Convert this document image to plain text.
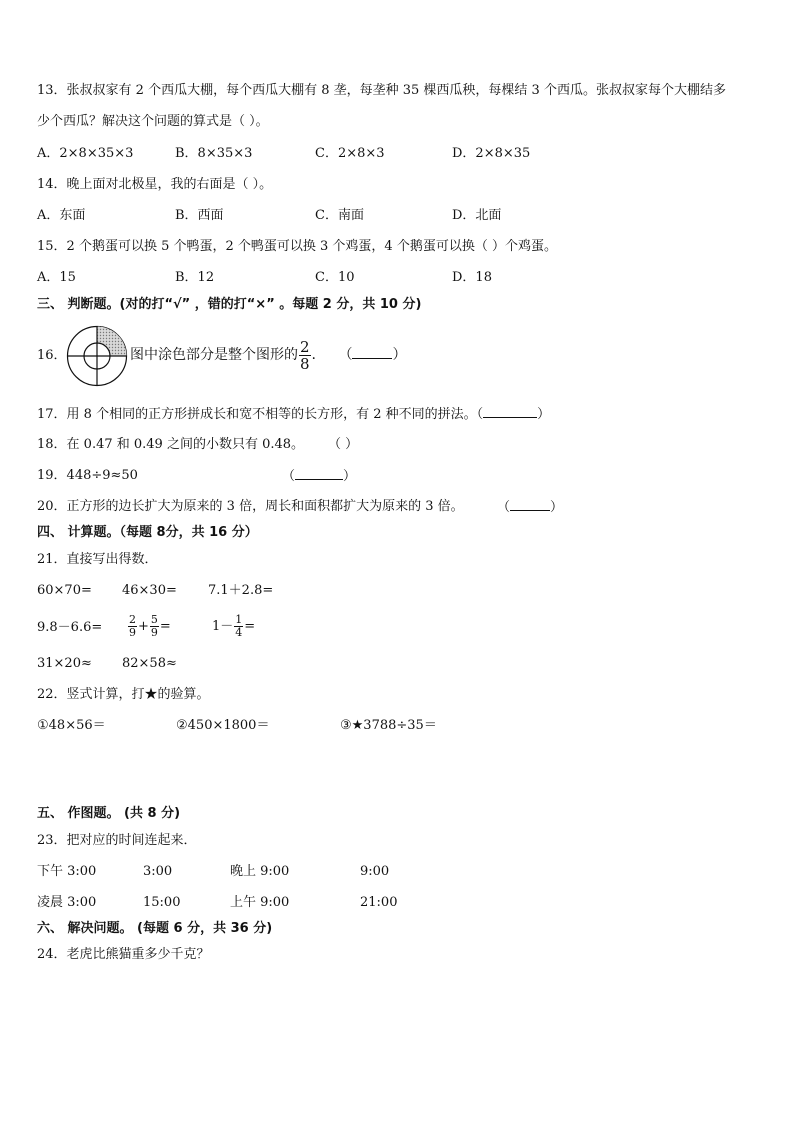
13．张叔叔家有 2 个西瓜大棚，每个西瓜大棚有 8 垄，每垄种 35 棵西瓜秧，每棵结 3 个西瓜。张叔叔家每个大棚结多
少个西瓜？解决这个问题的算式是（ ）。
A．2×8×35×3	B．8×35×3	C．2×8×3	D．2×8×35
14．晚上面对北极星，我的右面是（ ）。
A．东面	B．西面	C．南面	D．北面
15．2 个鹅蛋可以换 5 个鸭蛋，2 个鸭蛋可以换 3 个鸡蛋，4 个鹅蛋可以换（ ）个鸡蛋。
A．15	B．12	C．10	D．18
三、 判断题。(对的打“√” ，错的打“×” 。每题 2 分，共 10 分)
16．	图中涂色部分是整个图形的 $\frac{2}{8}$ . （	）
17．用 8 个相同的正方形拼成长和宽不相等的长方形，有 2 种不同的拼法。（	）
18．在 0.47 和 0.49 之间的小数只有 0.48。 （ ）
19．448÷9≈50	（	）
20．正方形的边长扩大为原来的 3 倍，周长和面积都扩大为原来的 3 倍。	（	）
四、 计算题。（每题 8分，共 16 分）
21．直接写出得数．
60×70= 46×30= 7.1＋2.8=
$9.8-6.6= \frac{2}{9} + \frac{5}{9}$ =	$1- \frac{1}{4}$ =
31×20≈ 82×58≈
22．竖式计算，打★的验算。
①48×56＝	②450×1800＝	③★3788÷35＝
五、 作图题。 (共 8 分)
23．把对应的时间连起来．
下午 3:00	3:00	晚上 9:00	9:00
凌晨 3:00	15:00	上午 9:00	21:00
六、 解决问题。 (每题 6 分，共 36 分)
24．老虎比熊猫重多少千克？
